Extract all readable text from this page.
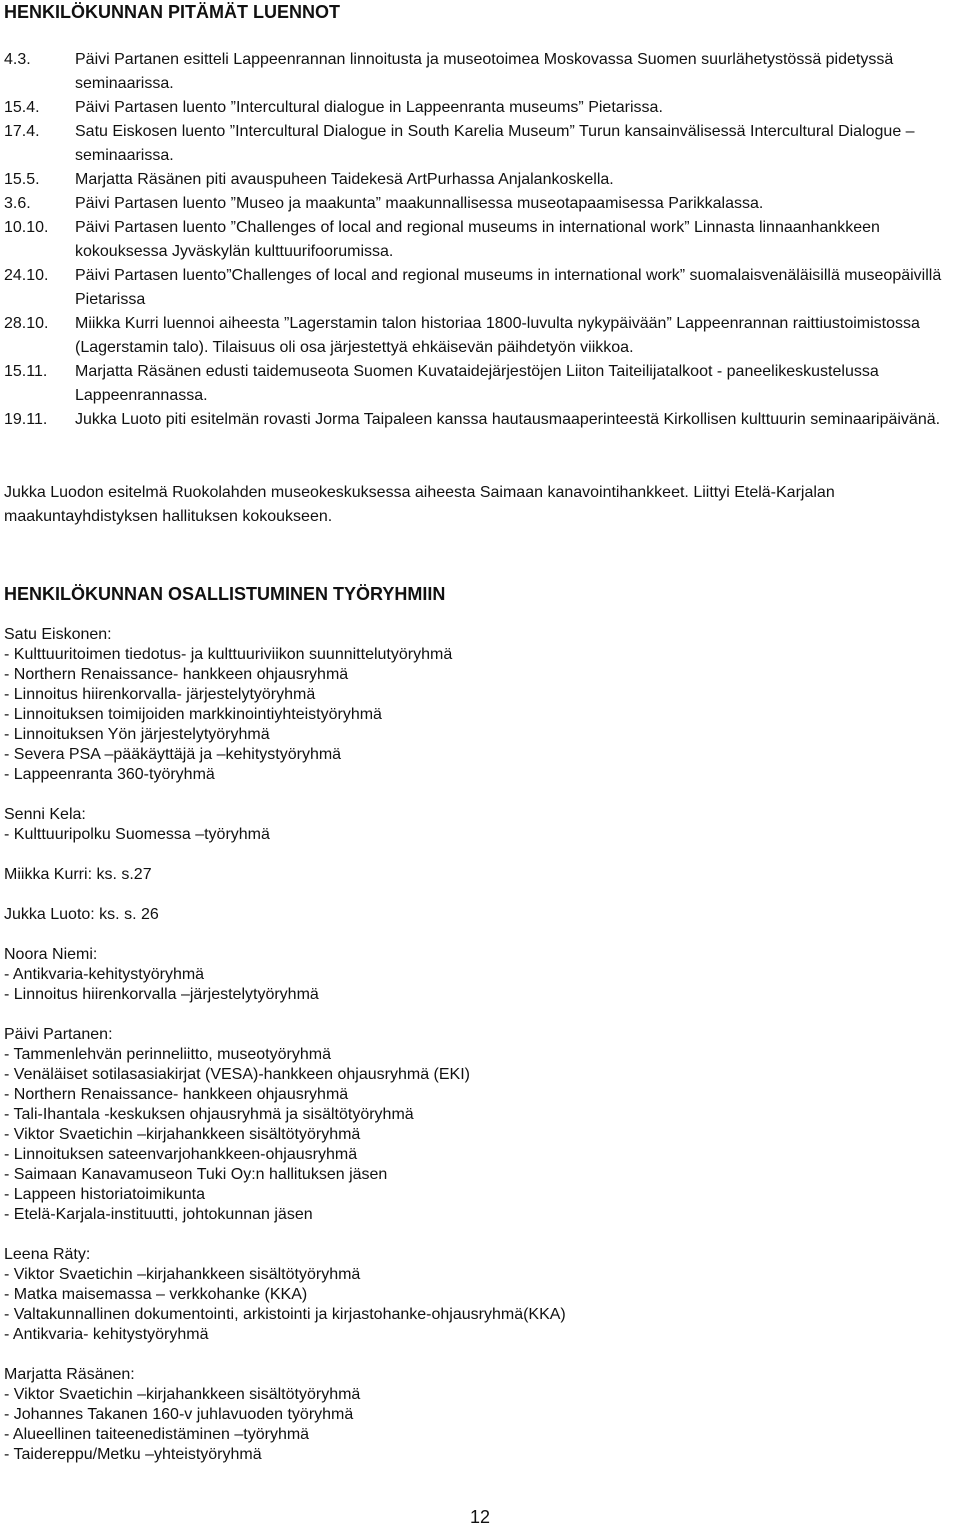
HENKILÖKUNNAN PITÄMÄT LUENNOT
4.3.	Päivi Partanen esitteli Lappeenrannan linnoitusta ja museotoimea Moskovassa Suomen suurlähetystössä pidetyssä seminaarissa.
15.4.	Päivi Partasen luento ”Intercultural dialogue in Lappeenranta museums” Pietarissa.
17.4.	Satu Eiskosen luento ”Intercultural Dialogue in South Karelia Museum” Turun kansainvälisessä Intercultural Dialogue –seminaarissa.
15.5.	Marjatta Räsänen piti avauspuheen Taidekesä ArtPurhassa Anjalankoskella.
3.6.	Päivi Partasen luento ”Museo ja maakunta” maakunnallisessa museotapaamisessa Parikkalassa.
10.10.	Päivi Partasen luento ”Challenges of local and regional museums in international work” Linnasta linnaanhankkeen kokouksessa Jyväskylän kulttuurifoorumissa.
24.10.	Päivi Partasen luento”Challenges of local and regional museums in international work” suomalaisvenäläisillä museopäivillä Pietarissa
28.10.	Miikka Kurri luennoi aiheesta ”Lagerstamin talon historiaa 1800-luvulta nykypäivään” Lappeenrannan raittiustoimistossa (Lagerstamin talo). Tilaisuus oli osa järjestettyä ehkäisevän päihdetyön viikkoa.
15.11.	Marjatta Räsänen edusti taidemuseota Suomen Kuvataidejärjestöjen Liiton Taiteilijatalkoot - paneelikeskustelussa Lappeenrannassa.
19.11.	Jukka Luoto piti esitelmän rovasti Jorma Taipaleen kanssa hautausmaaperinteestä Kirkollisen kulttuurin seminaaripäivänä.

Jukka Luodon esitelmä Ruokolahden museokeskuksessa aiheesta Saimaan kanavointihankkeet. Liittyi Etelä-Karjalan maakuntayhdistyksen hallituksen kokoukseen.

HENKILÖKUNNAN OSALLISTUMINEN TYÖRYHMIIN
Satu Eiskonen:
- Kulttuuritoimen tiedotus- ja kulttuuriviikon suunnittelutyöryhmä
- Northern Renaissance- hankkeen ohjausryhmä
- Linnoitus hiirenkorvalla- järjestelytyöryhmä
- Linnoituksen toimijoiden markkinointiyhteistyöryhmä
- Linnoituksen Yön järjestelytyöryhmä
- Severa PSA –pääkäyttäjä ja –kehitystyöryhmä
- Lappeenranta 360-työryhmä
Senni Kela:
- Kulttuuripolku Suomessa –työryhmä
Miikka Kurri: ks. s.27
Jukka Luoto: ks. s. 26
Noora Niemi:
- Antikvaria-kehitystyöryhmä
- Linnoitus hiirenkorvalla –järjestelytyöryhmä
Päivi Partanen:
- Tammenlehvän perinneliitto, museotyöryhmä
- Venäläiset sotilasasiakirjat (VESA)-hankkeen ohjausryhmä (EKI)
- Northern Renaissance- hankkeen ohjausryhmä
- Tali-Ihantala -keskuksen ohjausryhmä ja sisältötyöryhmä
- Viktor Svaetichin –kirjahankkeen sisältötyöryhmä
- Linnoituksen sateenvarjohankkeen-ohjausryhmä
- Saimaan Kanavamuseon Tuki Oy:n hallituksen jäsen
- Lappeen historiatoimikunta
- Etelä-Karjala-instituutti, johtokunnan jäsen
Leena Räty:
- Viktor Svaetichin –kirjahankkeen sisältötyöryhmä
- Matka maisemassa – verkkohanke (KKA)
- Valtakunnallinen dokumentointi, arkistointi ja kirjastohanke-ohjausryhmä(KKA)
- Antikvaria- kehitystyöryhmä
Marjatta Räsänen:
- Viktor Svaetichin –kirjahankkeen sisältötyöryhmä
- Johannes Takanen 160-v juhlavuoden työryhmä
- Alueellinen taiteenedistäminen –työryhmä
- Taidereppu/Metku –yhteistyöryhmä
12
